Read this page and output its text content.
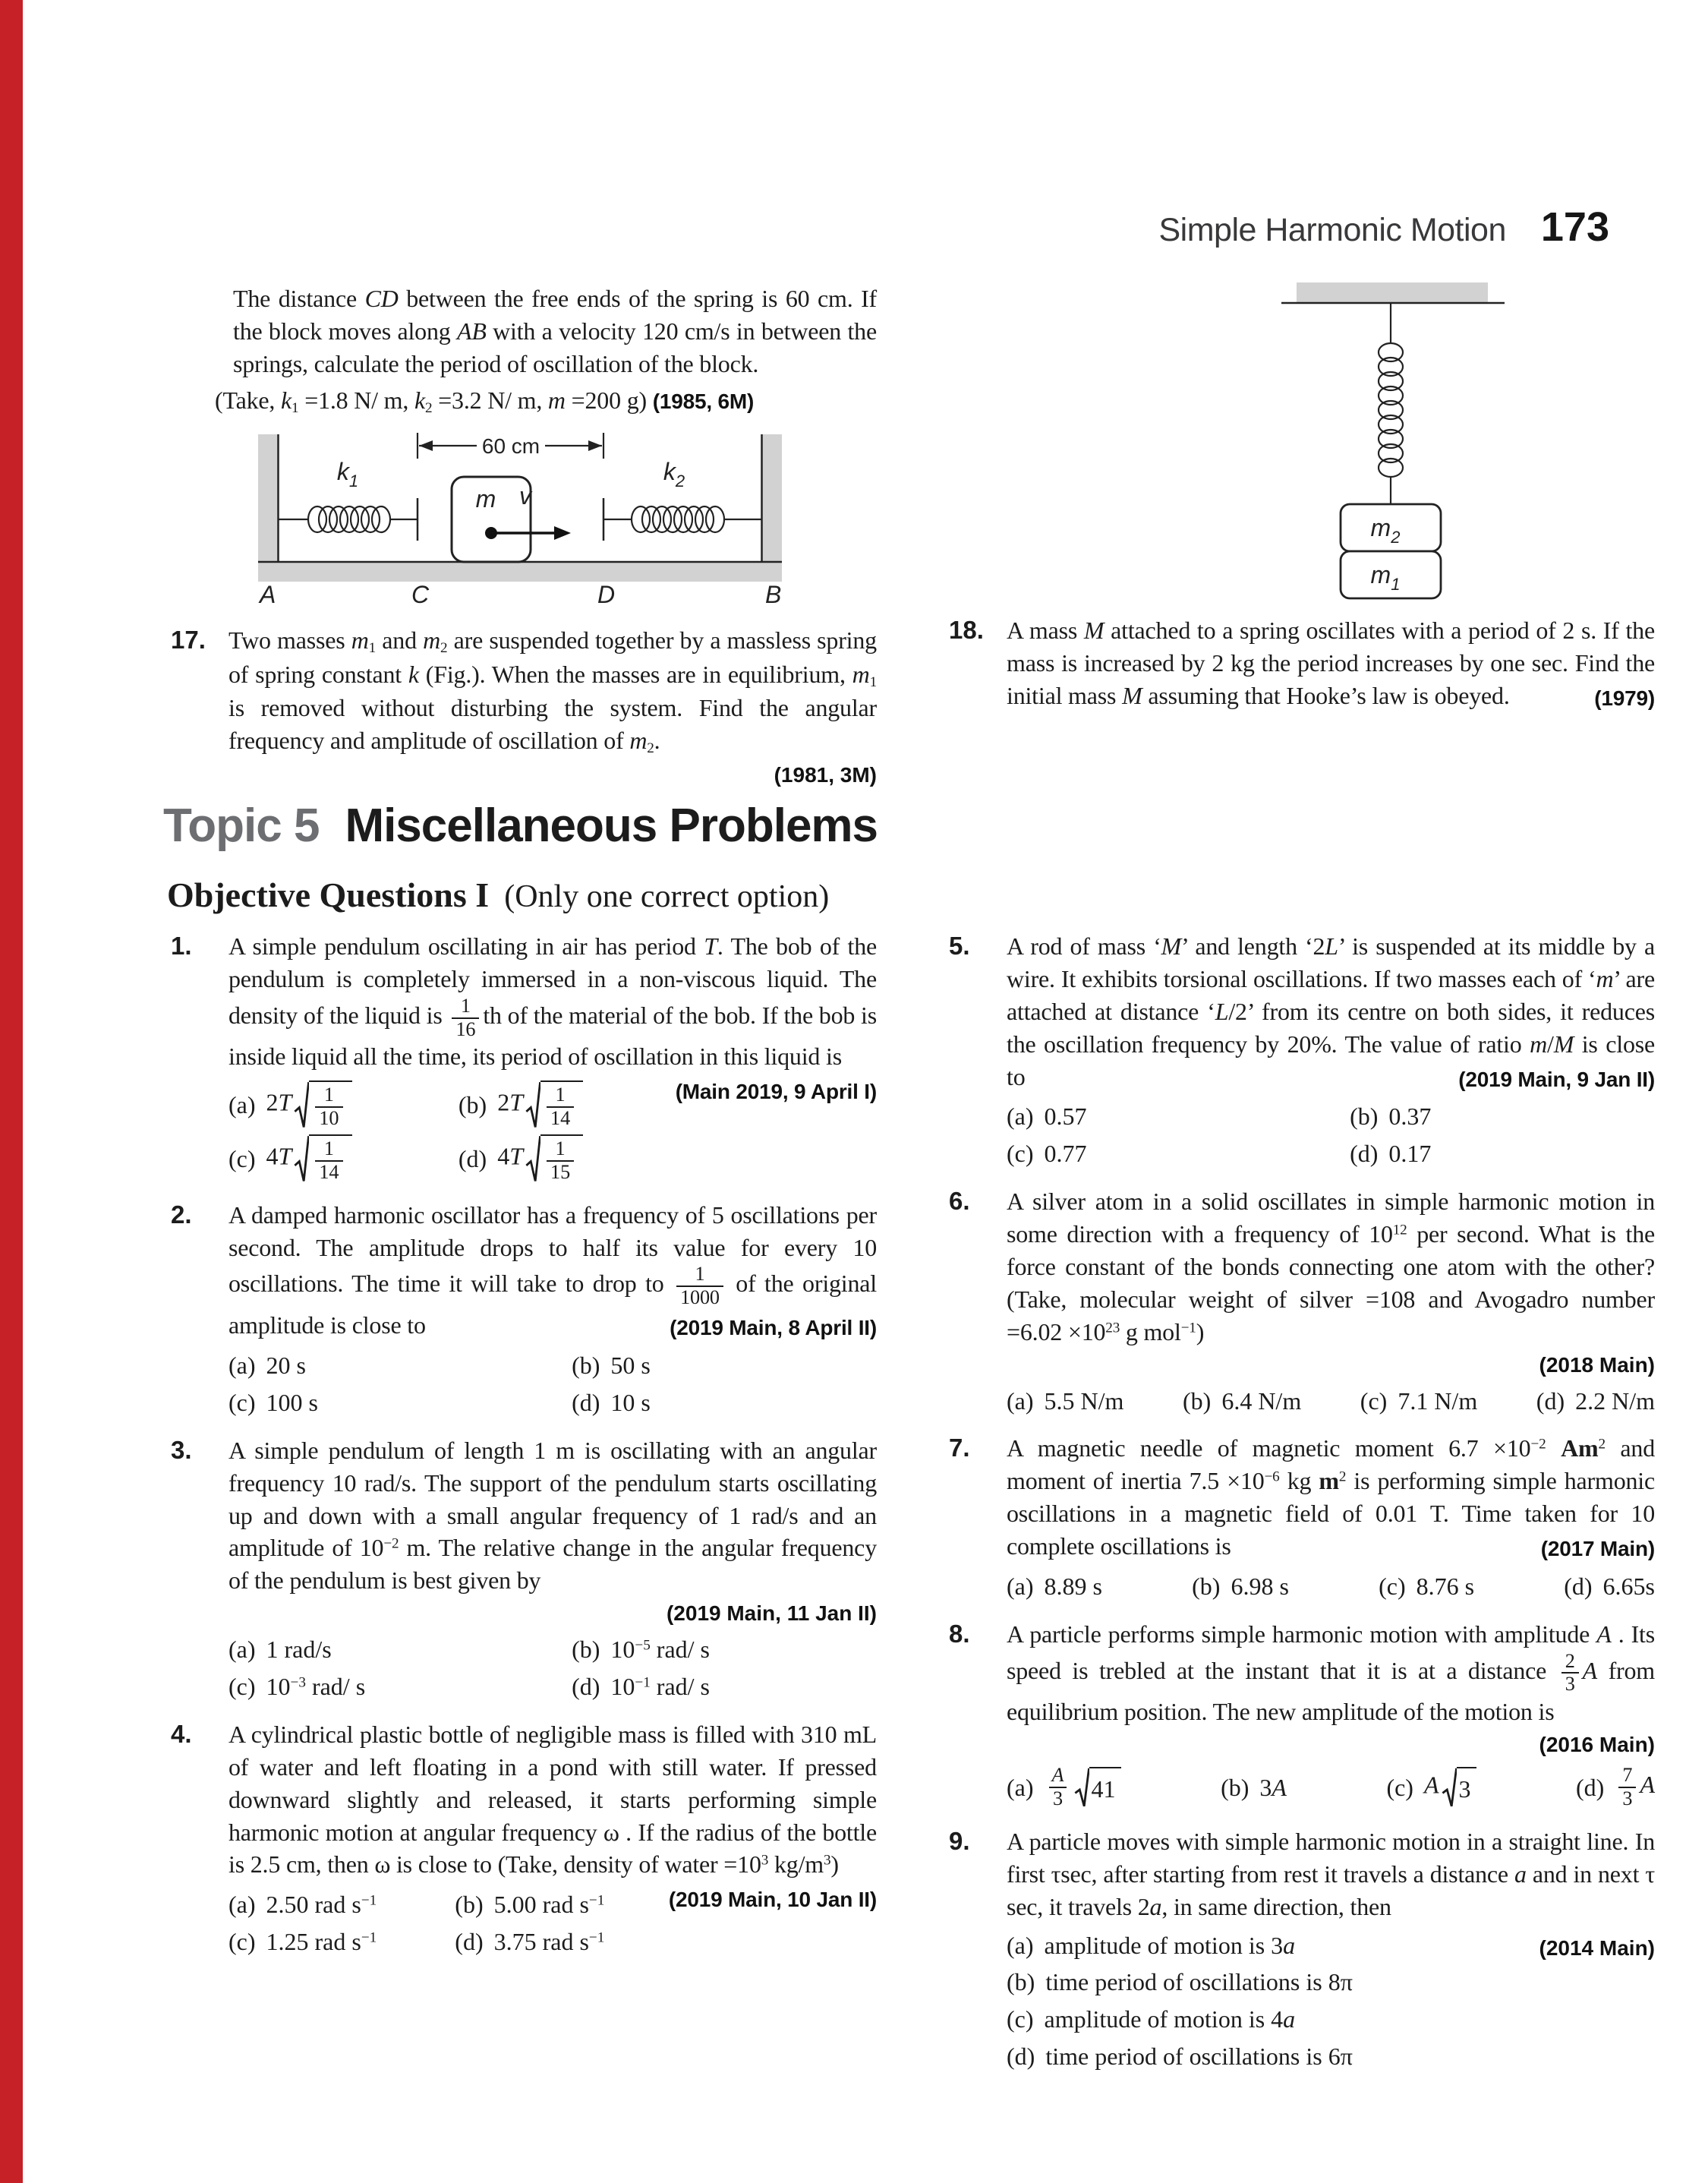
Simple Harmonic Motion 173
The distance CD between the free ends of the spring is 60 cm. If the block moves along AB with a velocity 120 cm/s in between the springs, calculate the period of oscillation of the block.
(Take, $k_1 =1.8$ N/ m, $k_2 =3.2$ N/ m, m =200 g) (1985, 6M)
60 cm
$k_1$	$k_2$
m v
A	C	D	B
17. Two masses $m_1$ and $m_2$ are suspended together by a massless spring of spring constant k (Fig.). When the masses are in equilibrium, $m_1$ is removed without disturbing the system. Find the angular frequency and amplitude of oscillation of $m_2$.
(1981, 3M)
$m_2$
$m_1$
18. A mass M attached to a spring oscillates with a period of 2 s. If the mass is increased by 2 kg the period increases by one sec. Find the initial mass M assuming that Hooke’s law is obeyed.	(1979)
Topic 5 Miscellaneous Problems
Objective Questions I (Only one correct option)
1.	A simple pendulum oscillating in air has period T. The bob of the pendulum is completely immersed in a non-viscous liquid. The density of the liquid is $\frac{1}{16}$ th of the material of the bob. If the bob is inside liquid all the time, its period of oscillation in this liquid is
(Main 2019, 9 April I)
(a) $2T \frac{1}{10}$	(b) $2T \frac{1}{14}$
(c) $4T \frac{1}{14}$	(d) $4T \frac{1}{15}$
2.	A damped harmonic oscillator has a frequency of 5 oscillations per second. The amplitude drops to half its value for every 10 oscillations. The time it will take to drop to $\frac{1}{1000}$ of the original amplitude is close to	(2019 Main, 8 April II)
(a) 20 s	(b) 50 s
(c) 100 s	(d) 10 s
3.	A simple pendulum of length 1 m is oscillating with an angular frequency 10 rad/s. The support of the pendulum starts oscillating up and down with a small angular frequency of 1 rad/s and an amplitude of $10^{-2}$ m. The relative change in the angular frequency of the pendulum is best given by
(2019 Main, 11 Jan II)
(a) 1 rad/s	(b) $10^{-5}$ rad/ s
(c) $10^{-3}$ rad/ s	(d) $10^{-1}$ rad/ s
4.	A cylindrical plastic bottle of negligible mass is filled with 310 mL of water and left floating in a pond with still water. If pressed downward slightly and released, it starts performing simple harmonic motion at angular frequency ω . If the radius of the bottle is 2.5 cm, then ω is close to (Take, density of water $=10^3$ $kg/m^3$)
(2019 Main, 10 Jan II)
(a) 2.50 rad $s^{-1}$	(b) 5.00 rad $s^{-1}$
(c) 1.25 rad $s^{-1}$	(d) 3.75 rad $s^{-1}$
5.	A rod of mass ‘M’ and length ‘2L’ is suspended at its middle by a wire. It exhibits torsional oscillations. If two masses each of ‘m’ are attached at distance ‘L/2’ from its centre on both sides, it reduces the oscillation frequency by 20%. The value of ratio m/M is close to	(2019 Main, 9 Jan II)
(a) 0.57	(b) 0.37
(c) 0.77	(d) 0.17
6.	A silver atom in a solid oscillates in simple harmonic motion in some direction with a frequency of $10^{12}$ per second. What is the force constant of the bonds connecting one atom with the other? (Take, molecular weight of silver =108 and Avogadro number $=6.02 \times 10^{23}$ g mol$^{-1}$)
(2018 Main)
(a) 5.5 N/m (b) 6.4 N/m (c) 7.1 N/m (d) 2.2 N/m
7.	A magnetic needle of magnetic moment $6.7 \times 10^{-2}$ Am$^2$ and moment of inertia $7.5 \times 10^{-6}$ kg $m^2$ is performing simple harmonic oscillations in a magnetic field of 0.01 T. Time taken for 10 complete oscillations is	(2017 Main)
(a) 8.89 s	(b) 6.98 s	(c) 8.76 s	(d) 6.65s
8.	A particle performs simple harmonic motion with amplitude A . Its speed is trebled at the instant that it is at a distance $\frac{2}{3}$ A from equilibrium position. The new amplitude of the motion is
(2016 Main)
$(a) \frac{A}{3} 41$	(b) 3A	(c) A 3	$(d) \frac{7}{3}$ A
9.	A particle moves with simple harmonic motion in a straight line. In first τsec, after starting from rest it travels a distance a and in next τ sec, it travels 2a, in same direction, then
(a) amplitude of motion is 3a	(2014 Main)
(b) time period of oscillations is 8π
(c) amplitude of motion is 4a
(d) time period of oscillations is 6π
